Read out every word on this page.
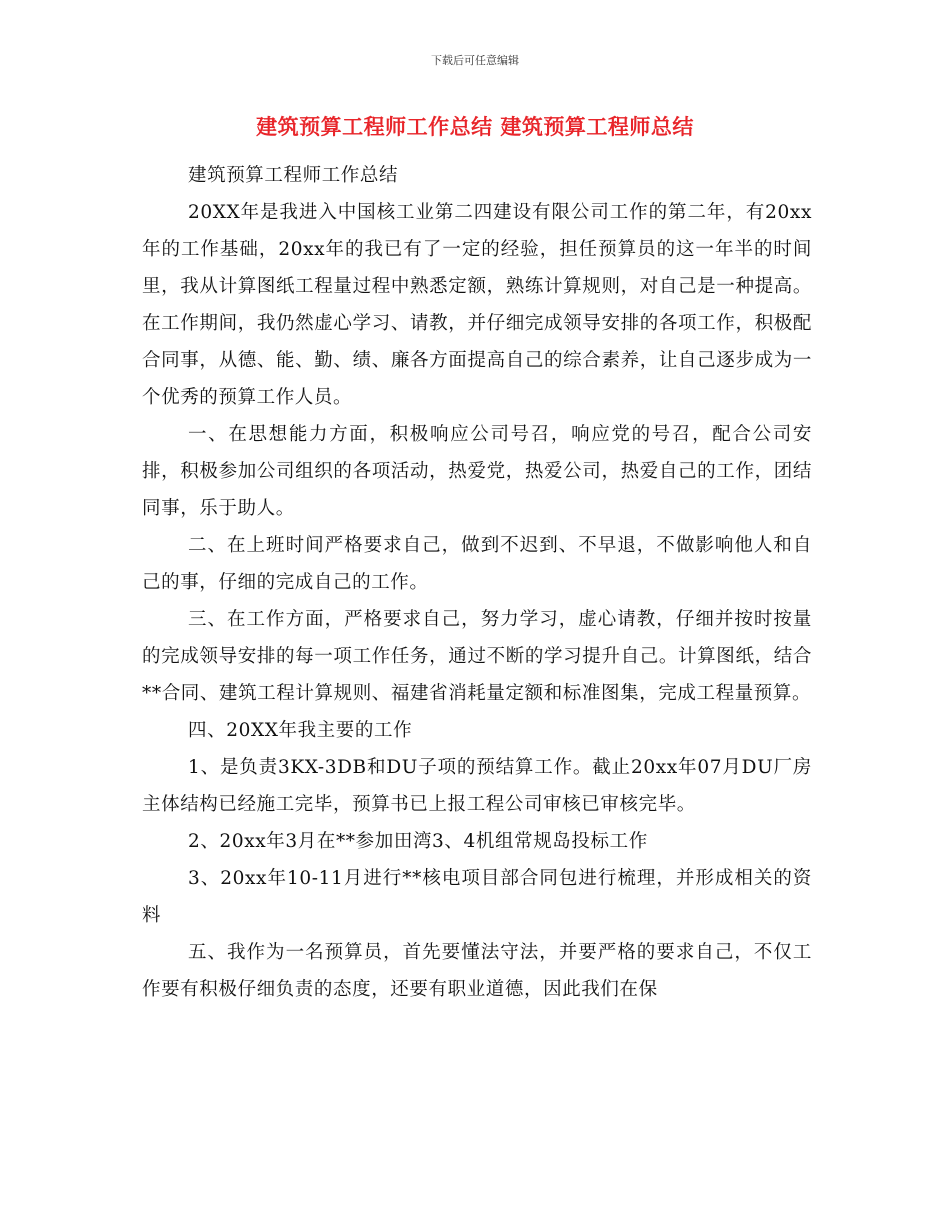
下载后可任意编辑
建筑预算工程师工作总结 建筑预算工程师总结

建筑预算工程师工作总结

20XX年是我进入中国核工业第二四建设有限公司工作的第二年，有20xx年的工作基础，20xx年的我已有了一定的经验，担任预算员的这一年半的时间里，我从计算图纸工程量过程中熟悉定额，熟练计算规则，对自己是一种提高。在工作期间，我仍然虚心学习、请教，并仔细完成领导安排的各项工作，积极配合同事，从德、能、勤、绩、廉各方面提高自己的综合素养，让自己逐步成为一个优秀的预算工作人员。

一、在思想能力方面，积极响应公司号召，响应党的号召，配合公司安排，积极参加公司组织的各项活动，热爱党，热爱公司，热爱自己的工作，团结同事，乐于助人。

二、在上班时间严格要求自己，做到不迟到、不早退，不做影响他人和自己的事，仔细的完成自己的工作。

三、在工作方面，严格要求自己，努力学习，虚心请教，仔细并按时按量的完成领导安排的每一项工作任务，通过不断的学习提升自己。计算图纸，结合**合同、建筑工程计算规则、福建省消耗量定额和标准图集，完成工程量预算。

四、20XX年我主要的工作

1、是负责3KX-3DB和DU子项的预结算工作。截止20xx年07月DU厂房主体结构已经施工完毕，预算书已上报工程公司审核已审核完毕。

2、20xx年3月在**参加田湾3、4机组常规岛投标工作

3、20xx年10-11月进行**核电项目部合同包进行梳理，并形成相关的资料

五、我作为一名预算员，首先要懂法守法，并要严格的要求自己，不仅工作要有积极仔细负责的态度，还要有职业道德，因此我们在保
